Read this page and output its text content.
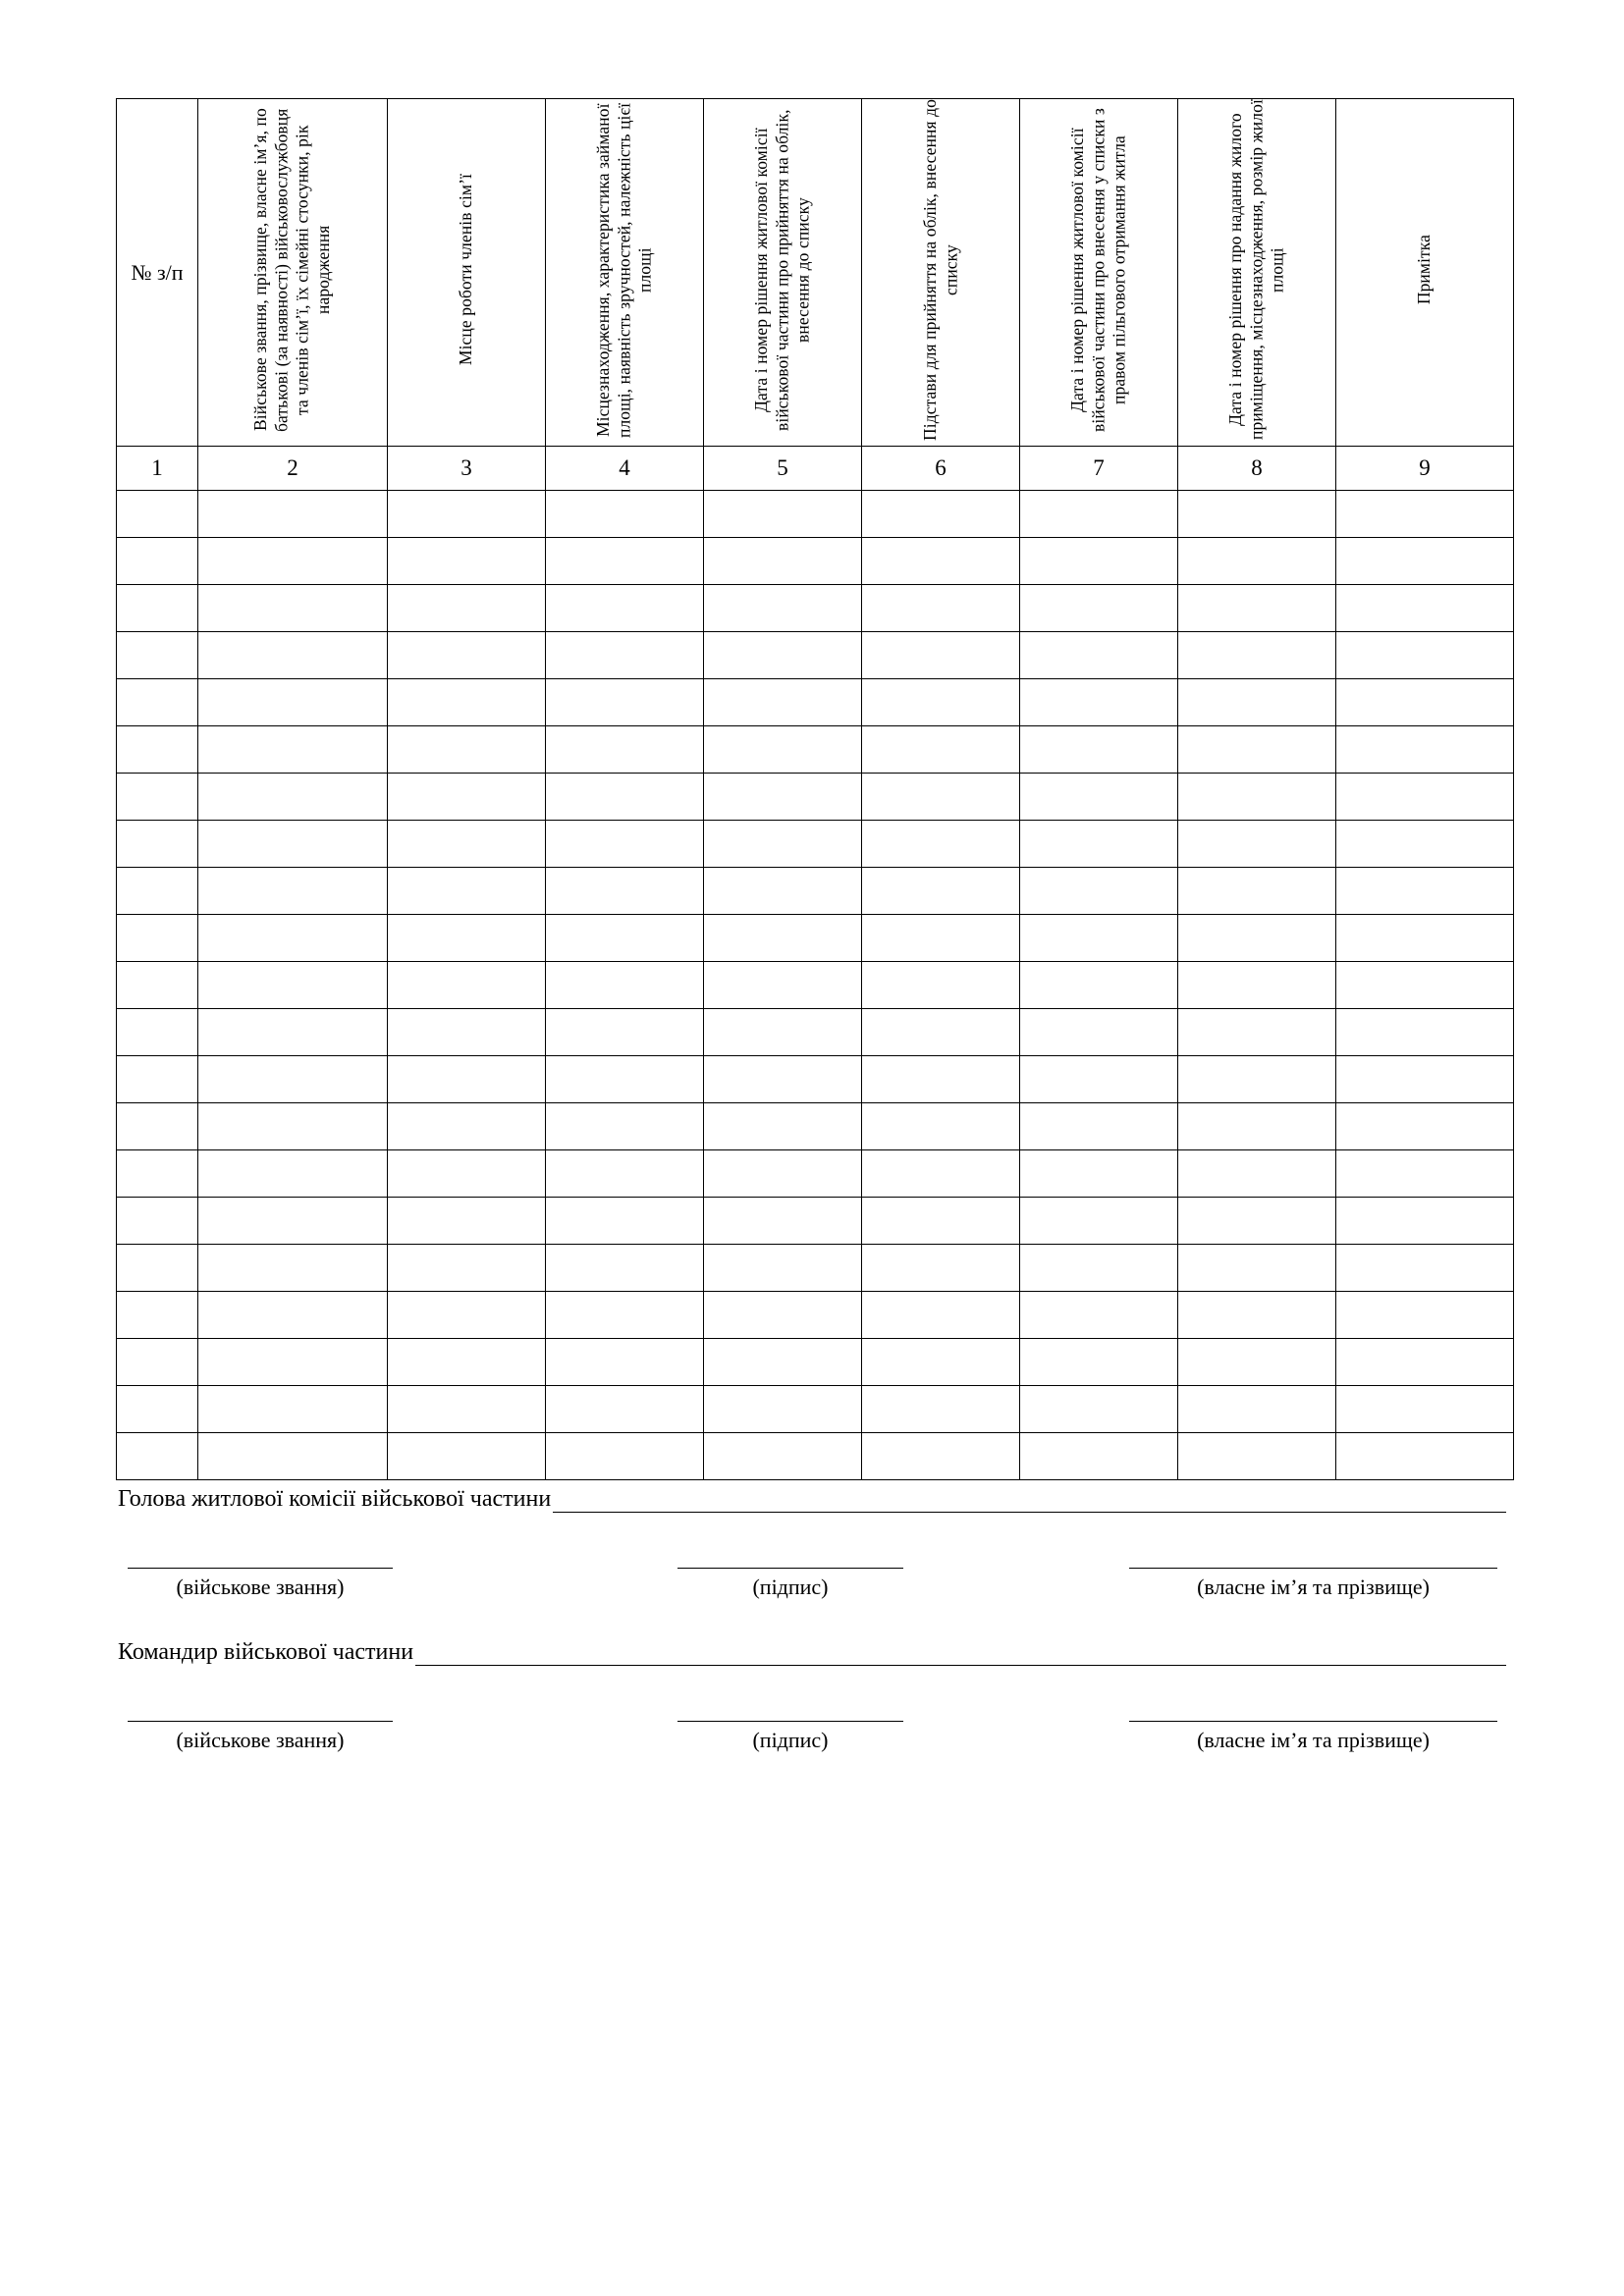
№ з/п	Військове звання, прізвище, власне ім’я, по батькові (за наявності) військовослужбовця та членів сім’ї, їх сімейні стосунки, рік народження	Місце роботи членів сім’ї	Місцезнаходження, характеристика займаної площі, наявність зручностей, належність цієї площі	Дата і номер рішення житлової комісії військової частини про прийняття на облік, внесення до списку	Підстави для прийняття на облік, внесення до списку	Дата і номер рішення житлової комісії військової частини про внесення у списки з правом пільгового отримання житла	Дата і номер рішення про надання жилого приміщення, місцезнаходження, розмір жилої площі	Примітка
1	2	3	4	5	6	7	8	9

Голова житлової комісії військової частини
(військове звання)	(підпис)	(власне ім’я та прізвище)
Командир військової частини
(військове звання)	(підпис)	(власне ім’я та прізвище)
